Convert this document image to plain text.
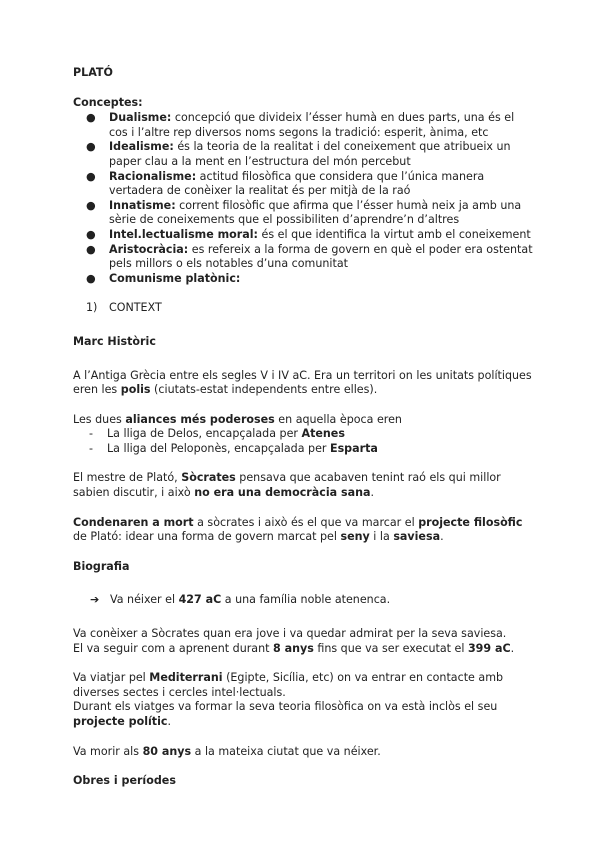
PLATÓ

Conceptes:

● Dualisme: concepció que divideix l’ésser humà en dues parts, una és el cos i l’altre rep diversos noms segons la tradició: esperit, ànima, etc
● Idealisme: és la teoria de la realitat i del coneixement que atribueix un paper clau a la ment en l’estructura del món percebut
● Racionalisme: actitud filosòfica que considera que l’única manera vertadera de conèixer la realitat és per mitjà de la raó
● Innatisme: corrent filosòfic que afirma que l’ésser humà neix ja amb una sèrie de coneixements que el possibiliten d’aprendre’n d’altres
● Intel.lectualisme moral: és el que identifica la virtut amb el coneixement
● Aristocràcia: es refereix a la forma de govern en què el poder era ostentat pels millors o els notables d’una comunitat
● Comunisme platònic:

1) CONTEXT

Marc Històric

A l’Antiga Grècia entre els segles V i IV aC. Era un territori on les unitats polítiques eren les polis (ciutats-estat independents entre elles).

Les dues aliances més poderoses en aquella època eren

- La lliga de Delos, encapçalada per Atenes
- La lliga del Peloponès, encapçalada per Esparta

El mestre de Plató, Sòcrates pensava que acabaven tenint raó els qui millor sabien discutir, i això no era una democràcia sana.

Condenaren a mort a sòcrates i això és el que va marcar el projecte filosòfic de Plató: idear una forma de govern marcat pel seny i la saviesa.

Biografia

➔ Va néixer el 427 aC a una família noble atenenca.

Va conèixer a Sòcrates quan era jove i va quedar admirat per la seva saviesa.
El va seguir com a aprenent durant 8 anys fins que va ser executat el 399 aC.

Va viatjar pel Mediterrani (Egipte, Sicília, etc) on va entrar en contacte amb diverses sectes i cercles intel·lectuals.
Durant els viatges va formar la seva teoria filosòfica on va està inclòs el seu projecte polític.

Va morir als 80 anys a la mateixa ciutat que va néixer.

Obres i períodes
